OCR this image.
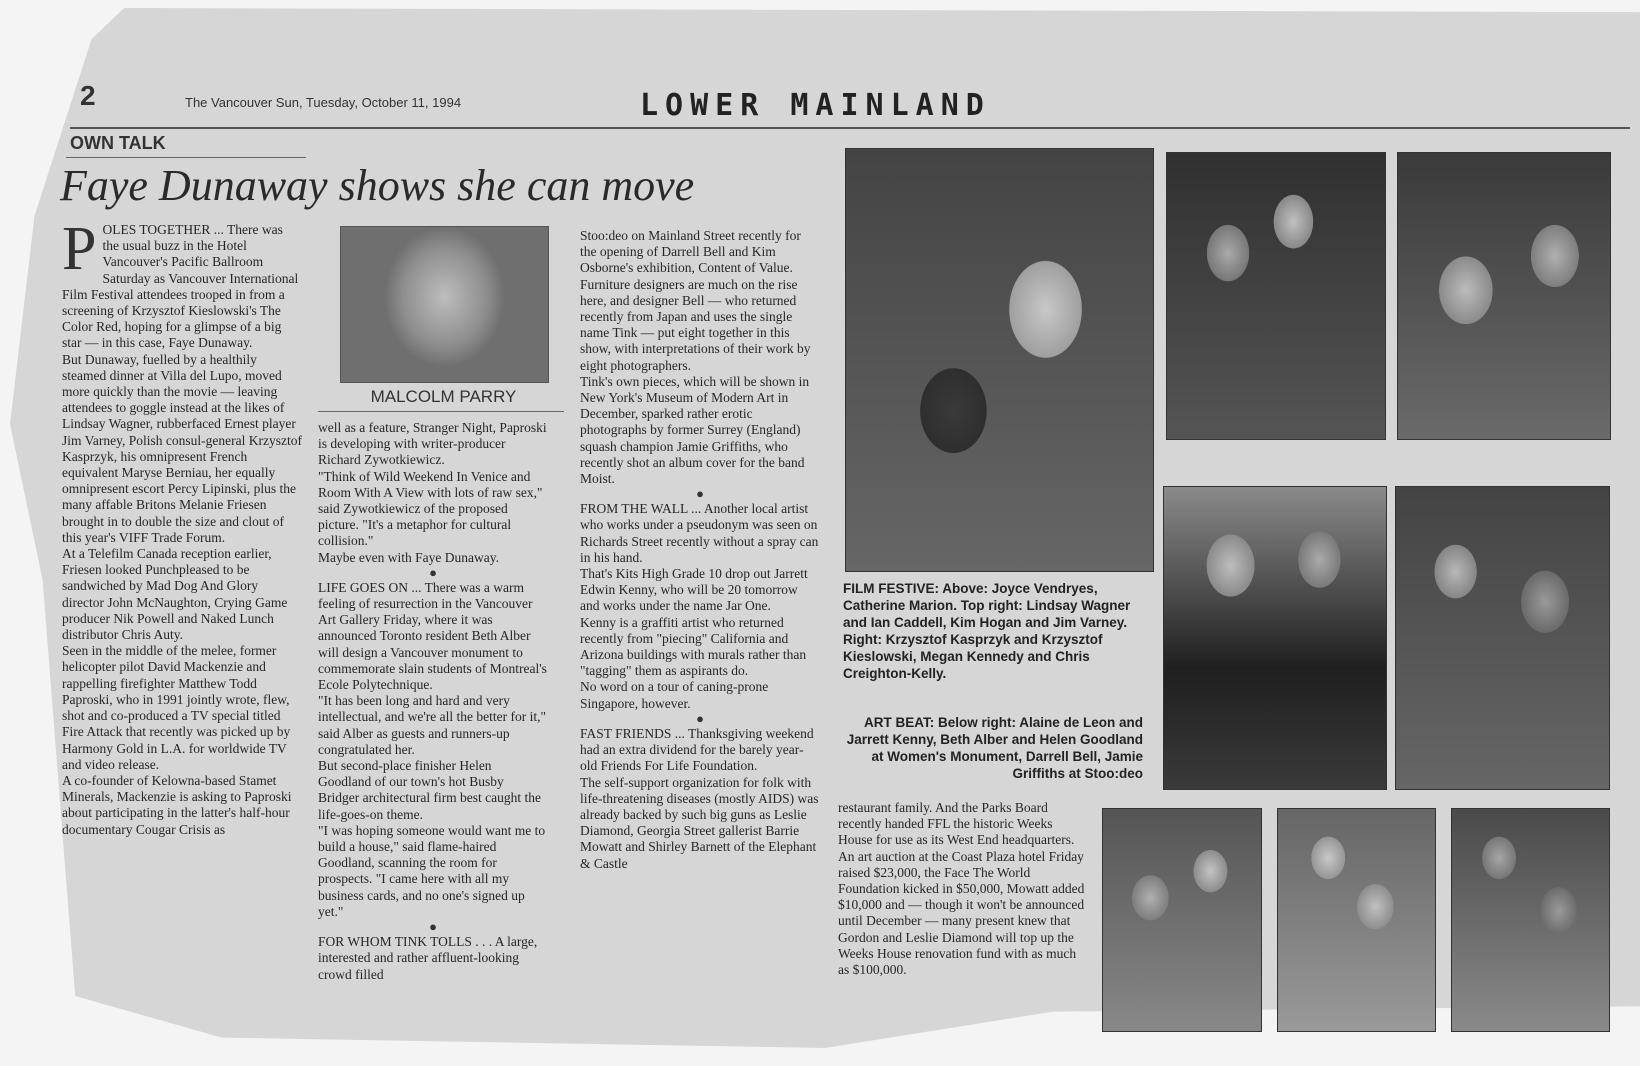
2	The Vancouver Sun, Tuesday, October 11, 1994	LOWER MAINLAND
OWN TALK
Faye Dunaway shows she can move
P OLES TOGETHER ... There was the usual buzz in the Hotel Vancouver's Pacific Ballroom Saturday as Vancouver International Film Festival attendees trooped in from a screening of Krzysztof Kieslowski's The Color Red, hoping for a glimpse of a big star — in this case, Faye Dunaway.

But Dunaway, fuelled by a healthily steamed dinner at Villa del Lupo, moved more quickly than the movie — leaving attendees to goggle instead at the likes of Lindsay Wagner, rubberfaced Ernest player Jim Varney, Polish consul-general Krzysztof Kasprzyk, his omnipresent French equivalent Maryse Berniau, her equally omnipresent escort Percy Lipinski, plus the many affable Britons Melanie Friesen brought in to double the size and clout of this year's VIFF Trade Forum.

At a Telefilm Canada reception earlier, Friesen looked Punchpleased to be sandwiched by Mad Dog And Glory director John McNaughton, Crying Game producer Nik Powell and Naked Lunch distributor Chris Auty.

Seen in the middle of the melee, former helicopter pilot David Mackenzie and rappelling firefighter Matthew Todd Paproski, who in 1991 jointly wrote, flew, shot and co-produced a TV special titled Fire Attack that recently was picked up by Harmony Gold in L.A. for worldwide TV and video release.

A co-founder of Kelowna-based Stamet Minerals, Mackenzie is asking to Paproski about participating in the latter's half-hour documentary Cougar Crisis as

MALCOLM PARRY

well as a feature, Stranger Night, Paproski is developing with writer-producer Richard Zywotkiewicz.

"Think of Wild Weekend In Venice and Room With A View with lots of raw sex," said Zywotkiewicz of the proposed picture. "It's a metaphor for cultural collision."

Maybe even with Faye Dunaway.

●

LIFE GOES ON ... There was a warm feeling of resurrection in the Vancouver Art Gallery Friday, where it was announced Toronto resident Beth Alber will design a Vancouver monument to commemorate slain students of Montreal's Ecole Polytechnique.

"It has been long and hard and very intellectual, and we're all the better for it," said Alber as guests and runners-up congratulated her.

But second-place finisher Helen Goodland of our town's hot Busby Bridger architectural firm best caught the life-goes-on theme.

"I was hoping someone would want me to build a house," said flame-haired Goodland, scanning the room for prospects. "I came here with all my business cards, and no one's signed up yet."

●

FOR WHOM TINK TOLLS . . . A large, interested and rather affluent-looking crowd filled

Stoo:deo on Mainland Street recently for the opening of Darrell Bell and Kim Osborne's exhibition, Content of Value.

Furniture designers are much on the rise here, and designer Bell — who returned recently from Japan and uses the single name Tink — put eight together in this show, with interpretations of their work by eight photographers.

Tink's own pieces, which will be shown in New York's Museum of Modern Art in December, sparked rather erotic photographs by former Surrey (England) squash champion Jamie Griffiths, who recently shot an album cover for the band Moist.

●

FROM THE WALL ... Another local artist who works under a pseudonym was seen on Richards Street recently without a spray can in his hand.

That's Kits High Grade 10 drop out Jarrett Edwin Kenny, who will be 20 tomorrow and works under the name Jar One.

Kenny is a graffiti artist who returned recently from "piecing" California and Arizona buildings with murals rather than "tagging" them as aspirants do.

No word on a tour of caning-prone Singapore, however.

●

FAST FRIENDS ... Thanksgiving weekend had an extra dividend for the barely year-old Friends For Life Foundation.

The self-support organization for folk with life-threatening diseases (mostly AIDS) was already backed by such big guns as Leslie Diamond, Georgia Street gallerist Barrie Mowatt and Shirley Barnett of the Elephant & Castle

FILM FESTIVE: Above: Joyce Vendryes, Catherine Marion. Top right: Lindsay Wagner and Ian Caddell, Kim Hogan and Jim Varney. Right: Krzysztof Kasprzyk and Krzysztof Kieslowski, Megan Kennedy and Chris Creighton-Kelly.
ART BEAT: Below right: Alaine de Leon and Jarrett Kenny, Beth Alber and Helen Goodland at Women's Monument, Darrell Bell, Jamie Griffiths at Stoo:deo

restaurant family. And the Parks Board recently handed FFL the historic Weeks House for use as its West End headquarters.

An art auction at the Coast Plaza hotel Friday raised $23,000, the Face The World Foundation kicked in $50,000, Mowatt added $10,000 and — though it won't be announced until December — many present knew that Gordon and Leslie Diamond will top up the Weeks House renovation fund with as much as $100,000.
